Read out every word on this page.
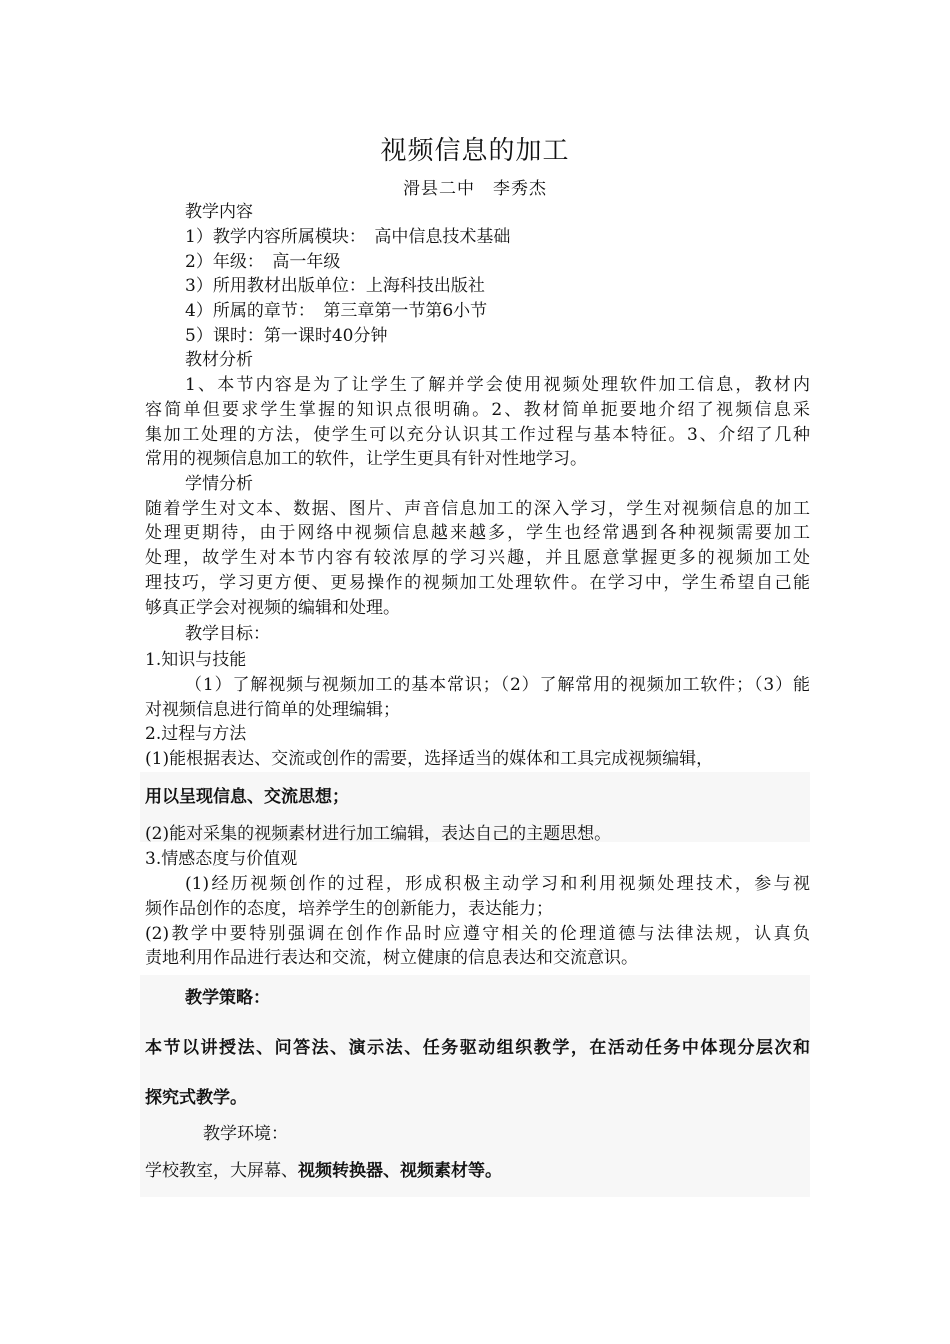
视频信息的加工
滑县二中　李秀杰
教学内容
1）教学内容所属模块：　高中信息技术基础
2）年级：　高一年级
3）所用教材出版单位：上海科技出版社
4）所属的章节：　第三章第一节第6小节
5）课时：第一课时40分钟
教材分析
1、本节内容是为了让学生了解并学会使用视频处理软件加工信息，教材内
容简单但要求学生掌握的知识点很明确。2、教材简单扼要地介绍了视频信息采
集加工处理的方法，使学生可以充分认识其工作过程与基本特征。3、介绍了几种
常用的视频信息加工的软件，让学生更具有针对性地学习。
学情分析
随着学生对文本、数据、图片、声音信息加工的深入学习，学生对视频信息的加工
处理更期待，由于网络中视频信息越来越多，学生也经常遇到各种视频需要加工
处理，故学生对本节内容有较浓厚的学习兴趣，并且愿意掌握更多的视频加工处
理技巧，学习更方便、更易操作的视频加工处理软件。在学习中，学生希望自己能
够真正学会对视频的编辑和处理。
教学目标：
1.知识与技能
（1）了解视频与视频加工的基本常识；（2）了解常用的视频加工软件；（3）能
对视频信息进行简单的处理编辑；
2.过程与方法
(1)能根据表达、交流或创作的需要，选择适当的媒体和工具完成视频编辑，
用以呈现信息、交流思想；
(2)能对采集的视频素材进行加工编辑，表达自己的主题思想。
3.情感态度与价值观
(1)经历视频创作的过程，形成积极主动学习和利用视频处理技术，参与视
频作品创作的态度，培养学生的创新能力，表达能力；
(2)教学中要特别强调在创作作品时应遵守相关的伦理道德与法律法规，认真负
责地利用作品进行表达和交流，树立健康的信息表达和交流意识。
教学策略：
本节以讲授法、问答法、演示法、任务驱动组织教学，在活动任务中体现分层次和
探究式教学。
教学环境：
学校教室，大屏幕、视频转换器、视频素材等。
